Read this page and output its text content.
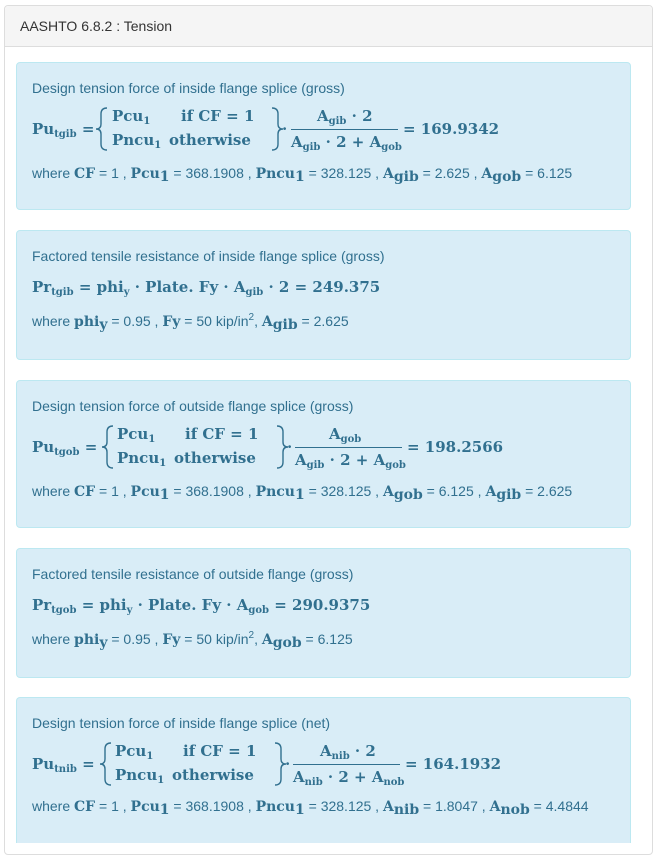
AASHTO 6.8.2 : Tension
Design tension force of inside flange splice (gross)
$Pu_{tgib}$ =
Pcu$_1$ if CF = 1
Pncu$_1$ otherwise
·
$A_{gib} \cdot 2$
$A_{gib} \cdot 2 + A_{gob}$
= 169.9342
where CF = 1 , Pcu1 = 368.1908 , Pncu1 = 328.125 , Agib = 2.625 , Agob = 6.125
Factored tensile resistance of inside flange splice (gross)
$Pr_{tgib} = phi_y$ · Plate. $Fy \cdot A_{gib} \cdot 2 = 249.375$
where phiy = 0.95 , Fy = 50 kip/$in^2$, Agib = 2.625
Design tension force of outside flange splice (gross)
$Pu_{tgob}$ =
Pcu$_1$ if CF = 1
Pncu$_1$ otherwise
·
$A_{gob}$
$A_{gib} \cdot 2 + A_{gob}$
= 198.2566
where CF = 1 , Pcu1 = 368.1908 , Pncu1 = 328.125 , Agob = 6.125 , Agib = 2.625
Factored tensile resistance of outside flange (gross)
$Pr_{tgob} = phi_y$ · Plate. $Fy \cdot A_{gob} = 290.9375$
where phiy = 0.95 , Fy = 50 kip/$in^2$, Agob = 6.125
Design tension force of inside flange splice (net)
$Pu_{tnib}$ =
Pcu$_1$ if CF = 1
Pncu$_1$ otherwise
·
$A_{nib} \cdot 2$
$A_{nib} \cdot 2 + A_{nob}$
= 164.1932
where CF = 1 , Pcu1 = 368.1908 , Pncu1 = 328.125 , Anib = 1.8047 , Anob = 4.4844
